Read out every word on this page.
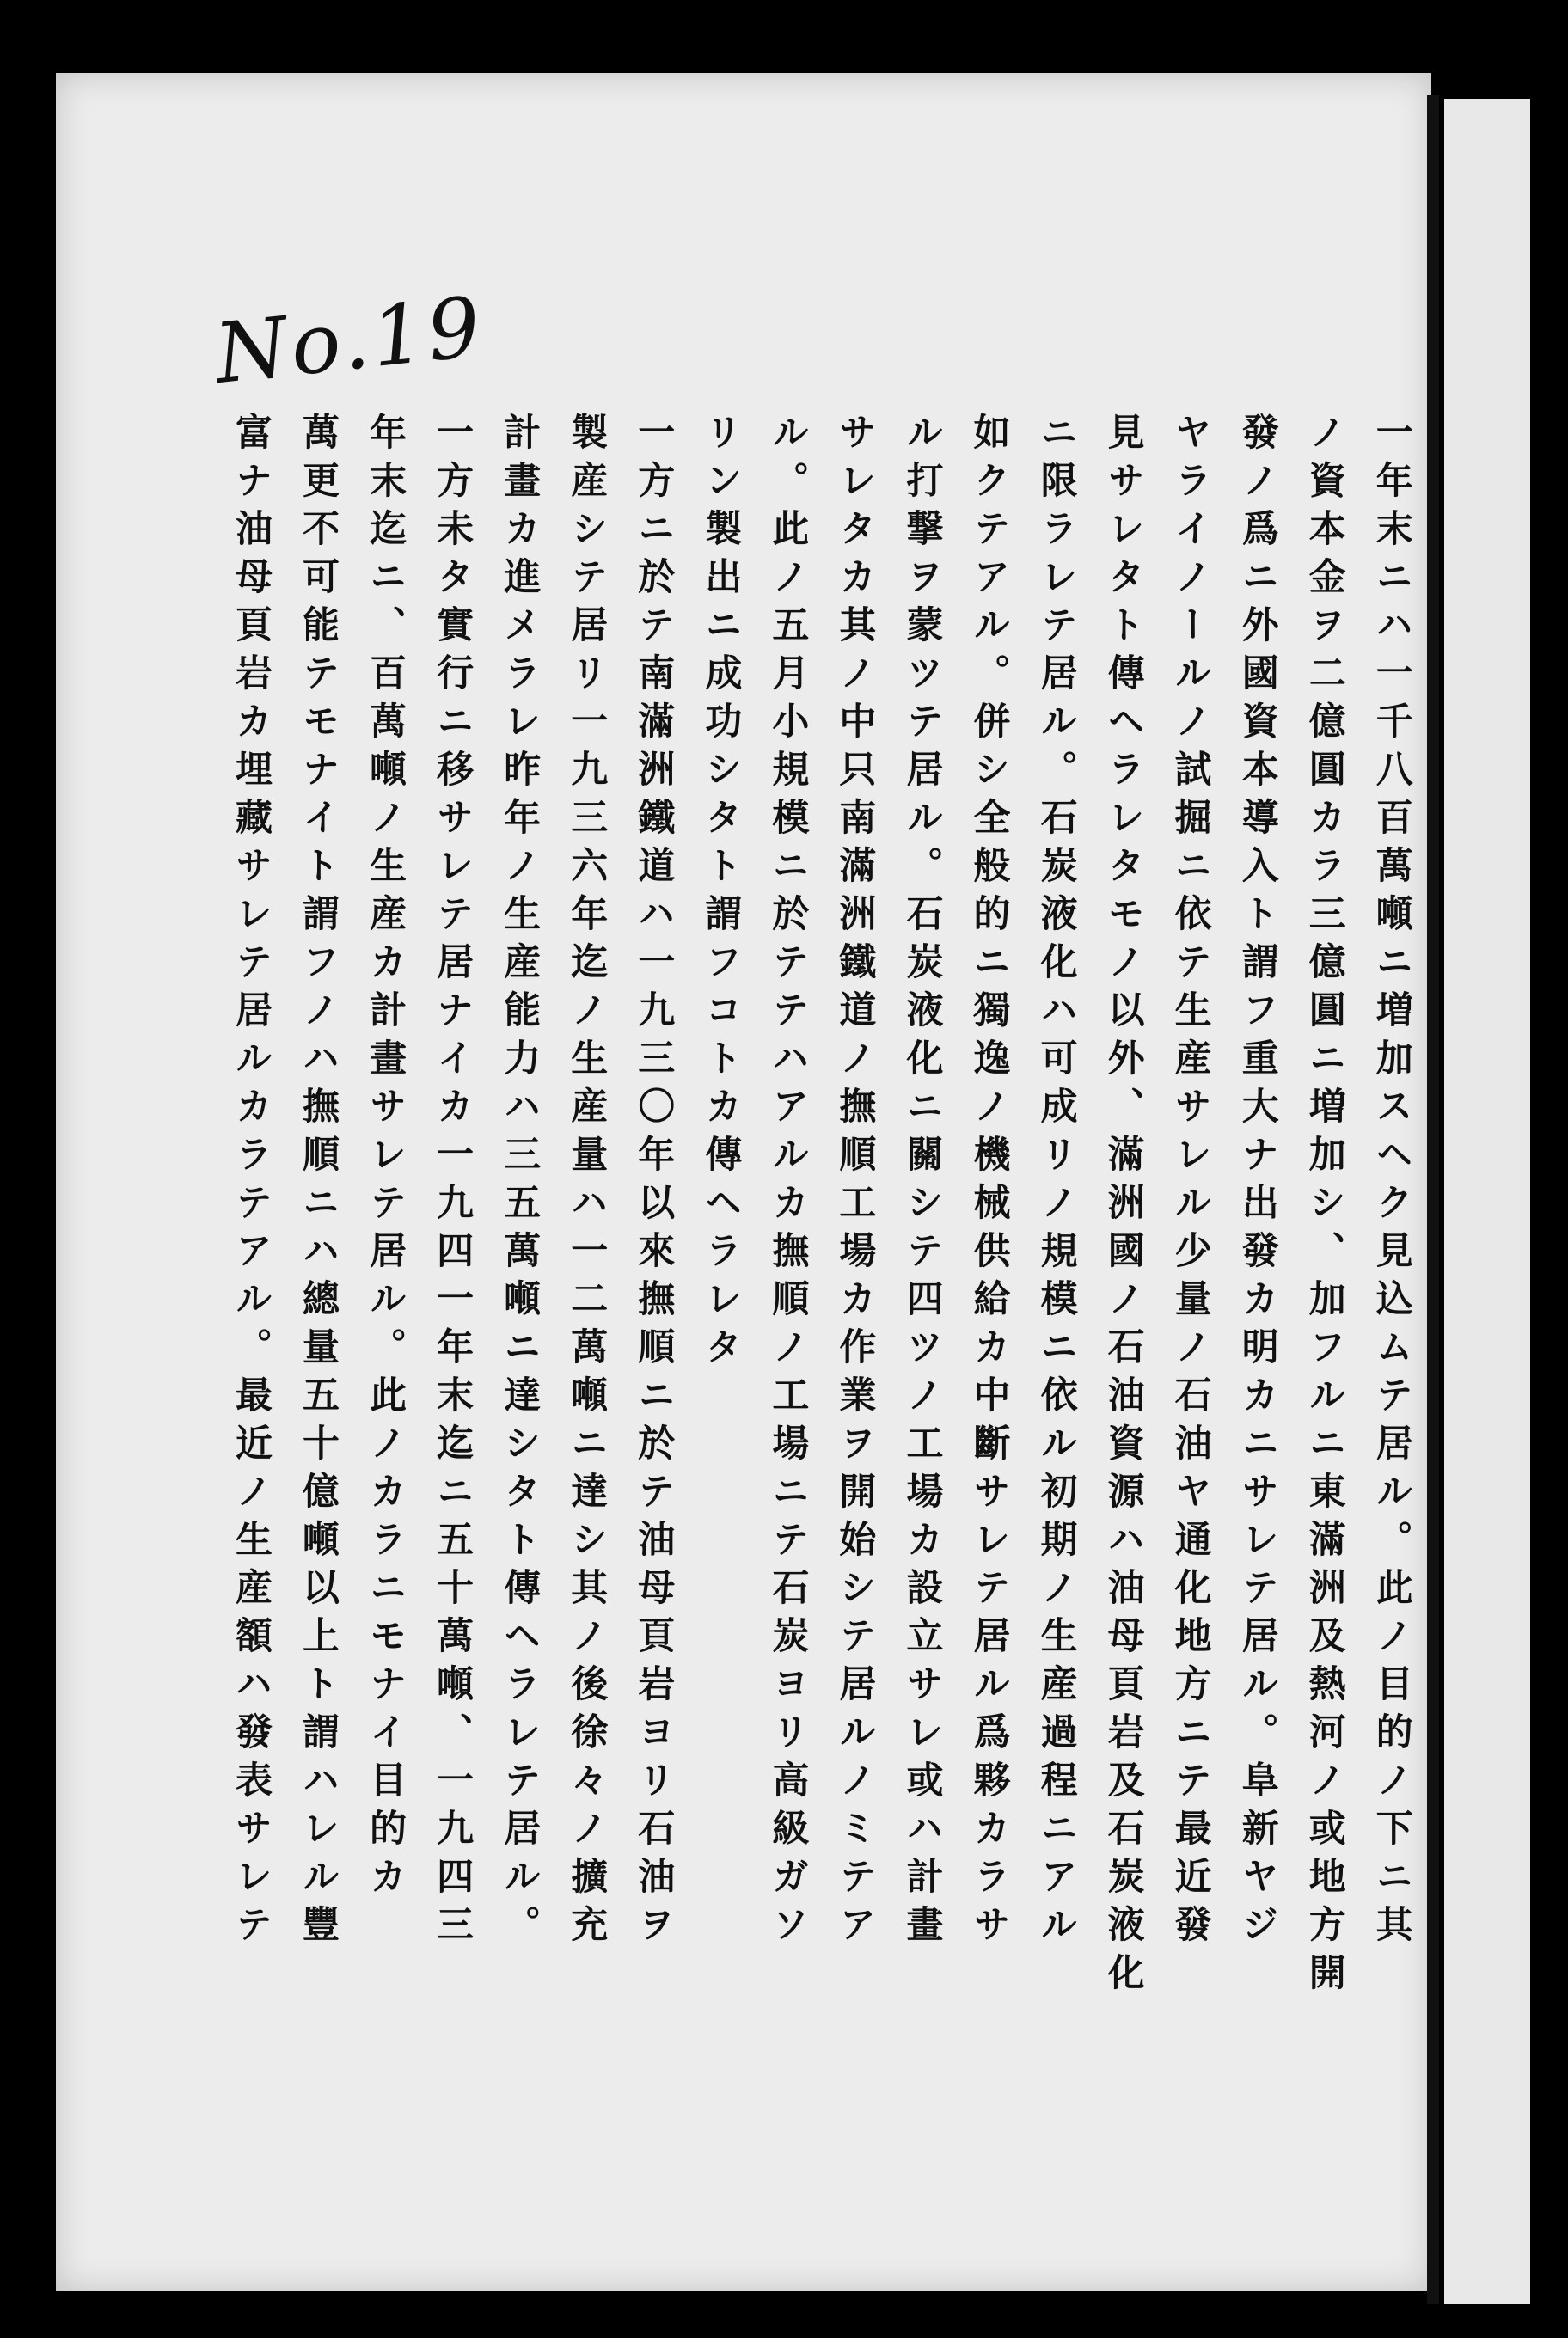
No.19
一年末ニハ一千八百萬噸ニ増加スヘク見込ムテ居ル。此ノ目的ノ下ニ其
ノ資本金ヲ二億圓カラ三億圓ニ増加シ、加フルニ東滿洲及熱河ノ或地方開
發ノ爲ニ外國資本導入ト謂フ重大ナ出發カ明カニサレテ居ル。阜新ヤジ
ヤライノールノ試掘ニ依テ生産サレル少量ノ石油ヤ通化地方ニテ最近發
見サレタト傳ヘラレタモノ以外、滿洲國ノ石油資源ハ油母頁岩及石炭液化
ニ限ラレテ居ル。石炭液化ハ可成リノ規模ニ依ル初期ノ生産過程ニアル
如クテアル。併シ全般的ニ獨逸ノ機械供給カ中斷サレテ居ル爲夥カラサ
ル打撃ヲ蒙ツテ居ル。石炭液化ニ關シテ四ツノ工場カ設立サレ或ハ計畫
サレタカ其ノ中只南滿洲鐵道ノ撫順工場カ作業ヲ開始シテ居ルノミテア
ル。此ノ五月小規模ニ於テテハアルカ撫順ノ工場ニテ石炭ヨリ高級ガソ
リン製出ニ成功シタト謂フコトカ傳ヘラレタ
一方ニ於テ南滿洲鐵道ハ一九三〇年以來撫順ニ於テ油母頁岩ヨリ石油ヲ
製産シテ居リ一九三六年迄ノ生産量ハ一二萬噸ニ達シ其ノ後徐々ノ擴充
計畫カ進メラレ昨年ノ生産能力ハ三五萬噸ニ達シタト傳ヘラレテ居ル。
一方未タ實行ニ移サレテ居ナイカ一九四一年末迄ニ五十萬噸、一九四三
年末迄ニ、百萬噸ノ生産カ計畫サレテ居ル。此ノカラニモナイ目的カ
萬更不可能テモナイト謂フノハ撫順ニハ總量五十億噸以上ト謂ハレル豐
富ナ油母頁岩カ埋藏サレテ居ルカラテアル。最近ノ生産額ハ發表サレテ
